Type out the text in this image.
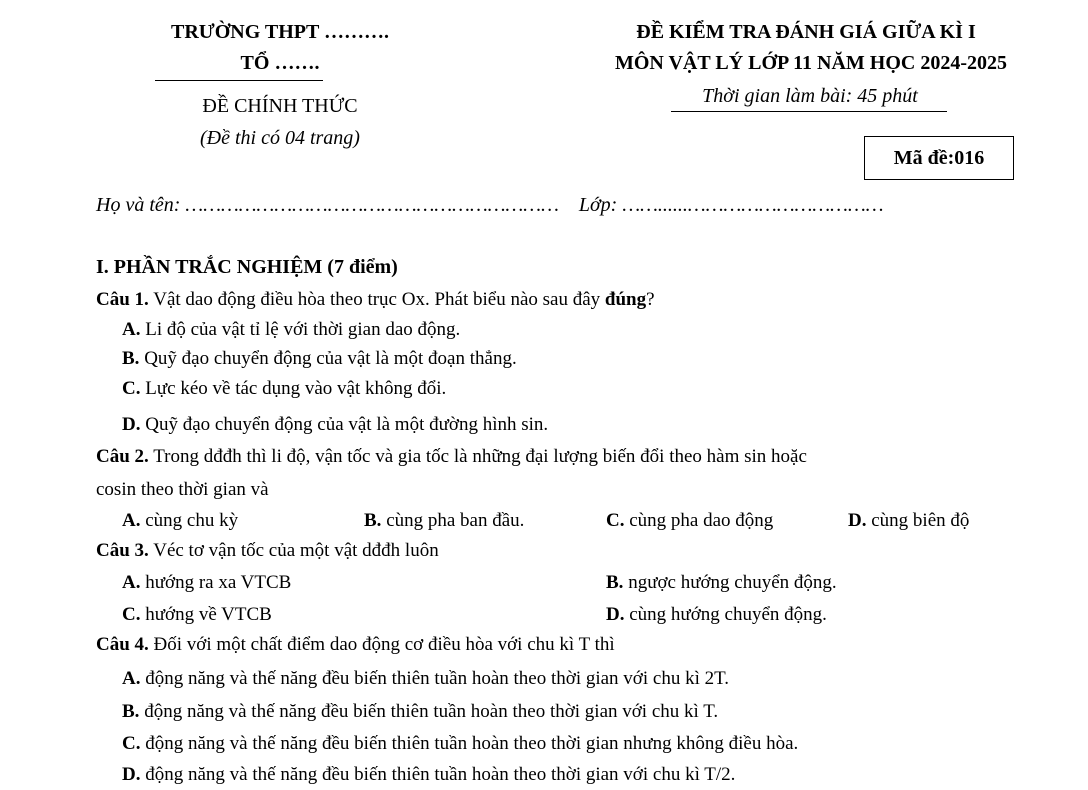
TRƯỜNG THPT ……….
TỔ …….
ĐỀ CHÍNH THỨC
(Đề thi có 04 trang)
ĐỀ KIỂM TRA ĐÁNH GIÁ GIỮA KÌ I
MÔN VẬT LÝ LỚP 11 NĂM HỌC 2024-2025
Thời gian làm bài: 45 phút
Mã đề:016
Họ và tên: ……………………………………………………… Lớp: ……......……………………………
I. PHẦN TRẮC NGHIỆM (7 điểm)
Câu 1. Vật dao động điều hòa theo trục Ox. Phát biểu nào sau đây đúng?
A. Li độ của vật tỉ lệ với thời gian dao động.
B. Quỹ đạo chuyển động của vật là một đoạn thẳng.
C. Lực kéo về tác dụng vào vật không đổi.
D. Quỹ đạo chuyển động của vật là một đường hình sin.
Câu 2. Trong dđđh thì li độ, vận tốc và gia tốc là những đại lượng biến đổi theo hàm sin hoặc
cosin theo thời gian và
A. cùng chu kỳ	B. cùng pha ban đầu.	C. cùng pha dao động	D. cùng biên độ
Câu 3. Véc tơ vận tốc của một vật dđđh luôn
A. hướng ra xa VTCB	B. ngược hướng chuyển động.
C. hướng về VTCB	D. cùng hướng chuyển động.
Câu 4. Đối với một chất điểm dao động cơ điều hòa với chu kì T thì
A. động năng và thế năng đều biến thiên tuần hoàn theo thời gian với chu kì 2T.
B. động năng và thế năng đều biến thiên tuần hoàn theo thời gian với chu kì T.
C. động năng và thế năng đều biến thiên tuần hoàn theo thời gian nhưng không điều hòa.
D. động năng và thế năng đều biến thiên tuần hoàn theo thời gian với chu kì T/2.
